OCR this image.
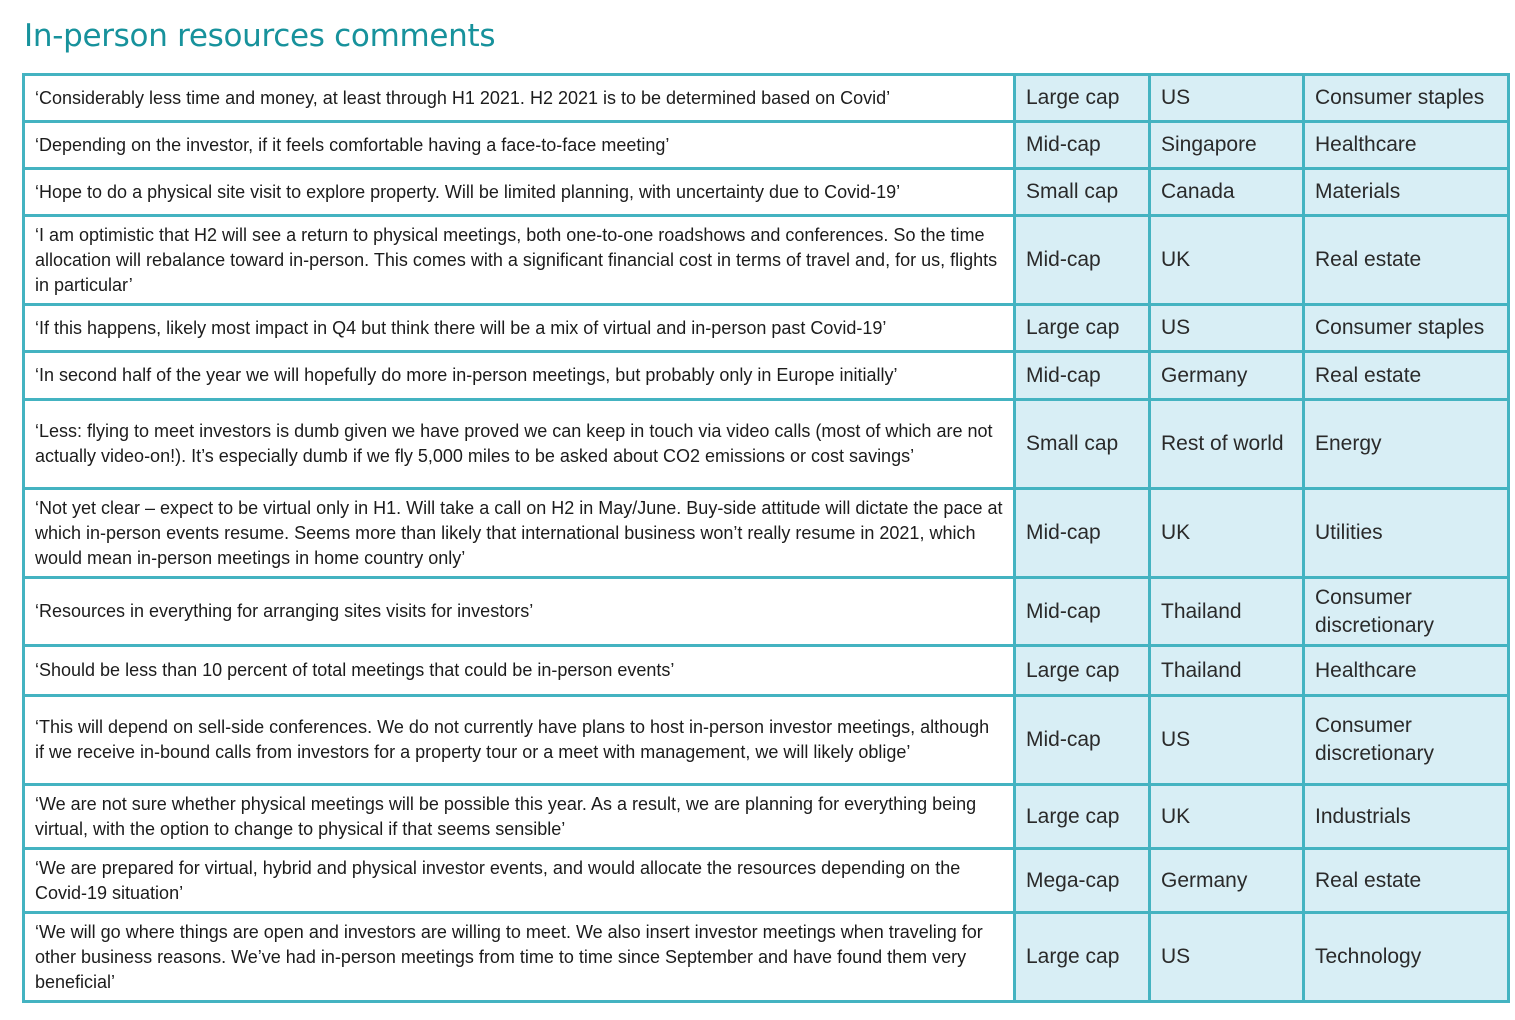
In-person resources comments
‘Considerably less time and money, at least through H1 2021. H2 2021 is to be determined based on Covid’	Large cap	US	Consumer staples
‘Depending on the investor, if it feels comfortable having a face-to-face meeting’	Mid-cap	Singapore	Healthcare
‘Hope to do a physical site visit to explore property. Will be limited planning, with uncertainty due to Covid-19’	Small cap	Canada	Materials
‘I am optimistic that H2 will see a return to physical meetings, both one-to-one roadshows and conferences. So the time allocation will rebalance toward in-person. This comes with a significant financial cost in terms of travel and, for us, flights in particular’	Mid-cap	UK	Real estate
‘If this happens, likely most impact in Q4 but think there will be a mix of virtual and in-person past Covid-19’	Large cap	US	Consumer staples
‘In second half of the year we will hopefully do more in-person meetings, but probably only in Europe initially’	Mid-cap	Germany	Real estate
‘Less: flying to meet investors is dumb given we have proved we can keep in touch via video calls (most of which are not actually video-on!). It’s especially dumb if we fly 5,000 miles to be asked about CO2 emissions or cost savings’	Small cap	Rest of world	Energy
‘Not yet clear – expect to be virtual only in H1. Will take a call on H2 in May/June. Buy-side attitude will dictate the pace at which in-person events resume. Seems more than likely that international business won’t really resume in 2021, which would mean in-person meetings in home country only’	Mid-cap	UK	Utilities
‘Resources in everything for arranging sites visits for investors’	Mid-cap	Thailand	Consumer discretionary
‘Should be less than 10 percent of total meetings that could be in-person events’	Large cap	Thailand	Healthcare
‘This will depend on sell-side conferences. We do not currently have plans to host in-person investor meetings, although if we receive in-bound calls from investors for a property tour or a meet with management, we will likely oblige’	Mid-cap	US	Consumer discretionary
‘We are not sure whether physical meetings will be possible this year. As a result, we are planning for everything being virtual, with the option to change to physical if that seems sensible’	Large cap	UK	Industrials
‘We are prepared for virtual, hybrid and physical investor events, and would allocate the resources depending on the Covid-19 situation’	Mega-cap	Germany	Real estate
‘We will go where things are open and investors are willing to meet. We also insert investor meetings when traveling for other business reasons. We’ve had in-person meetings from time to time since September and have found them very beneficial’	Large cap	US	Technology
